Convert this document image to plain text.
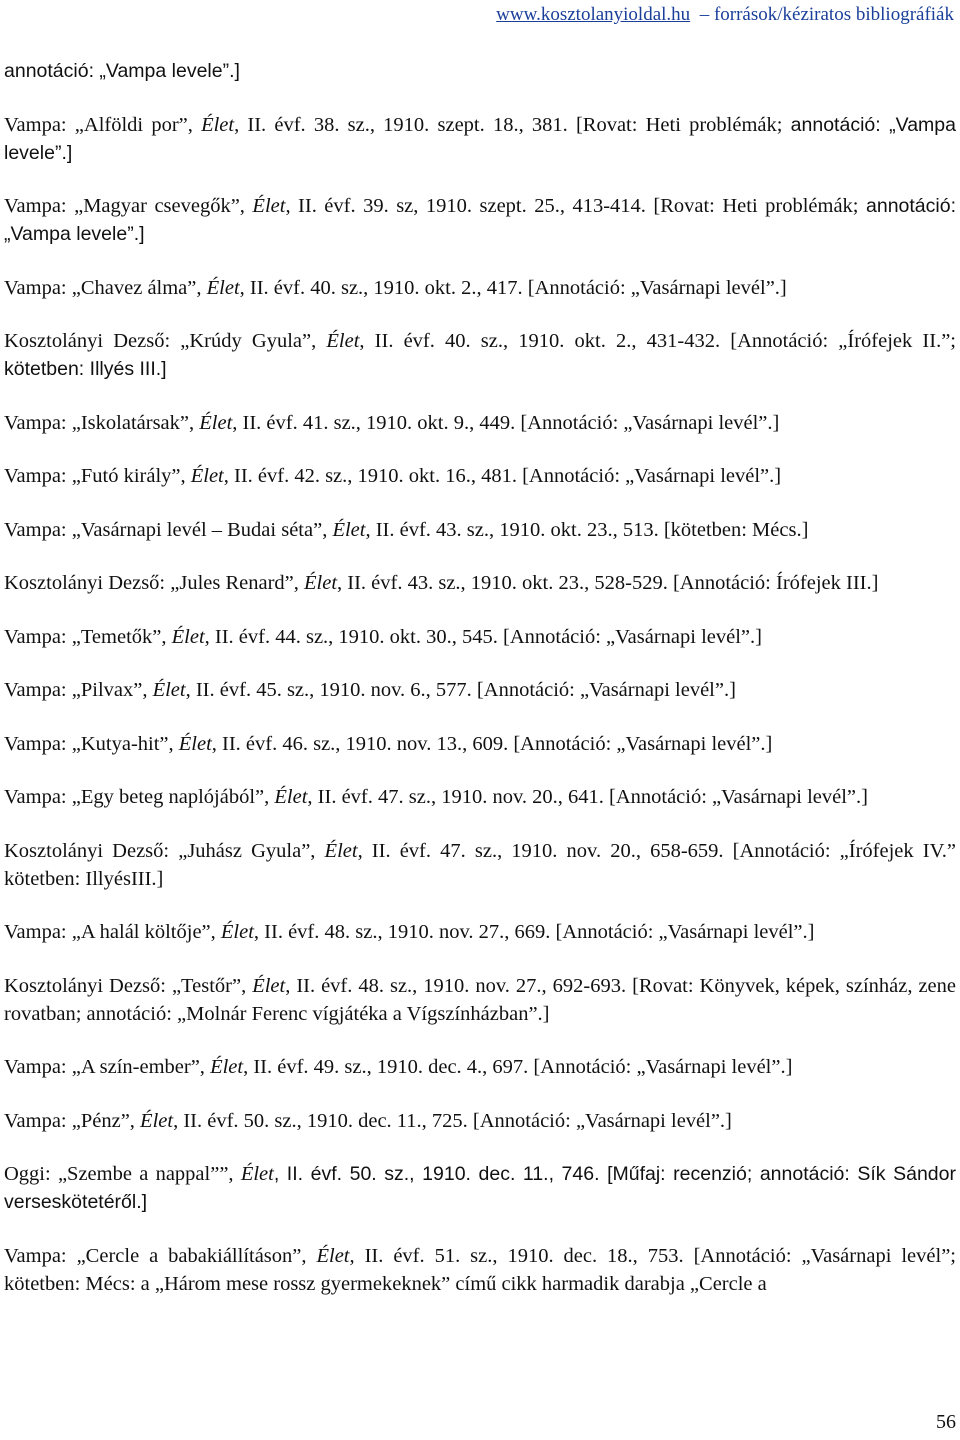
www.kosztolanyioldal.hu  – források/kéziratos bibliográfiák

annotáció: „Vampa levele”.]

Vampa: „Alföldi por”, Élet, II. évf. 38. sz., 1910. szept. 18., 381. [Rovat: Heti problémák; annotáció: „Vampa levele”.]

Vampa: „Magyar csevegők”, Élet, II. évf. 39. sz, 1910. szept. 25., 413-414. [Rovat: Heti problémák; annotáció: „Vampa levele”.]

Vampa: „Chavez álma”, Élet, II. évf. 40. sz., 1910. okt. 2., 417. [Annotáció: „Vasárnapi levél”.]

Kosztolányi Dezső: „Krúdy Gyula”, Élet, II. évf. 40. sz., 1910. okt. 2., 431-432. [Annotáció: „Írófejek II.”; kötetben: Illyés III.]

Vampa: „Iskolatársak”, Élet, II. évf. 41. sz., 1910. okt. 9., 449. [Annotáció: „Vasárnapi levél”.]

Vampa: „Futó király”, Élet, II. évf. 42. sz., 1910. okt. 16., 481. [Annotáció: „Vasárnapi levél”.]

Vampa: „Vasárnapi levél – Budai séta”, Élet, II. évf. 43. sz., 1910. okt. 23., 513. [kötetben: Mécs.]

Kosztolányi Dezső: „Jules Renard”, Élet, II. évf. 43. sz., 1910. okt. 23., 528-529. [Annotáció: Írófejek III.]

Vampa: „Temetők”, Élet, II. évf. 44. sz., 1910. okt. 30., 545. [Annotáció: „Vasárnapi levél”.]

Vampa: „Pilvax”, Élet, II. évf. 45. sz., 1910. nov. 6., 577. [Annotáció: „Vasárnapi levél”.]

Vampa: „Kutya-hit”, Élet, II. évf. 46. sz., 1910. nov. 13., 609. [Annotáció: „Vasárnapi levél”.]

Vampa: „Egy beteg naplójából”, Élet, II. évf. 47. sz., 1910. nov. 20., 641. [Annotáció: „Vasárnapi levél”.]

Kosztolányi Dezső: „Juhász Gyula”, Élet, II. évf. 47. sz., 1910. nov. 20., 658-659. [Annotáció: „Írófejek IV.” kötetben: IllyésIII.]

Vampa: „A halál költője”, Élet, II. évf. 48. sz., 1910. nov. 27., 669. [Annotáció: „Vasárnapi levél”.]

Kosztolányi Dezső: „Testőr”, Élet, II. évf. 48. sz., 1910. nov. 27., 692-693. [Rovat: Könyvek, képek, színház, zene rovatban; annotáció: „Molnár Ferenc vígjátéka a Vígszínházban”.]

Vampa: „A szín-ember”, Élet, II. évf. 49. sz., 1910. dec. 4., 697. [Annotáció: „Vasárnapi levél”.]

Vampa: „Pénz”, Élet, II. évf. 50. sz., 1910. dec. 11., 725. [Annotáció: „Vasárnapi levél”.]

Oggi: „Szembe a nappal””, Élet, II. évf. 50. sz., 1910. dec. 11., 746. [Műfaj: recenzió; annotáció: Sík Sándor verseskötetéről.]

Vampa: „Cercle a babakiállításon”, Élet, II. évf. 51. sz., 1910. dec. 18., 753. [Annotáció: „Vasárnapi levél”; kötetben: Mécs: a „Három mese rossz gyermekeknek” című cikk harmadik darabja „Cercle a

56
